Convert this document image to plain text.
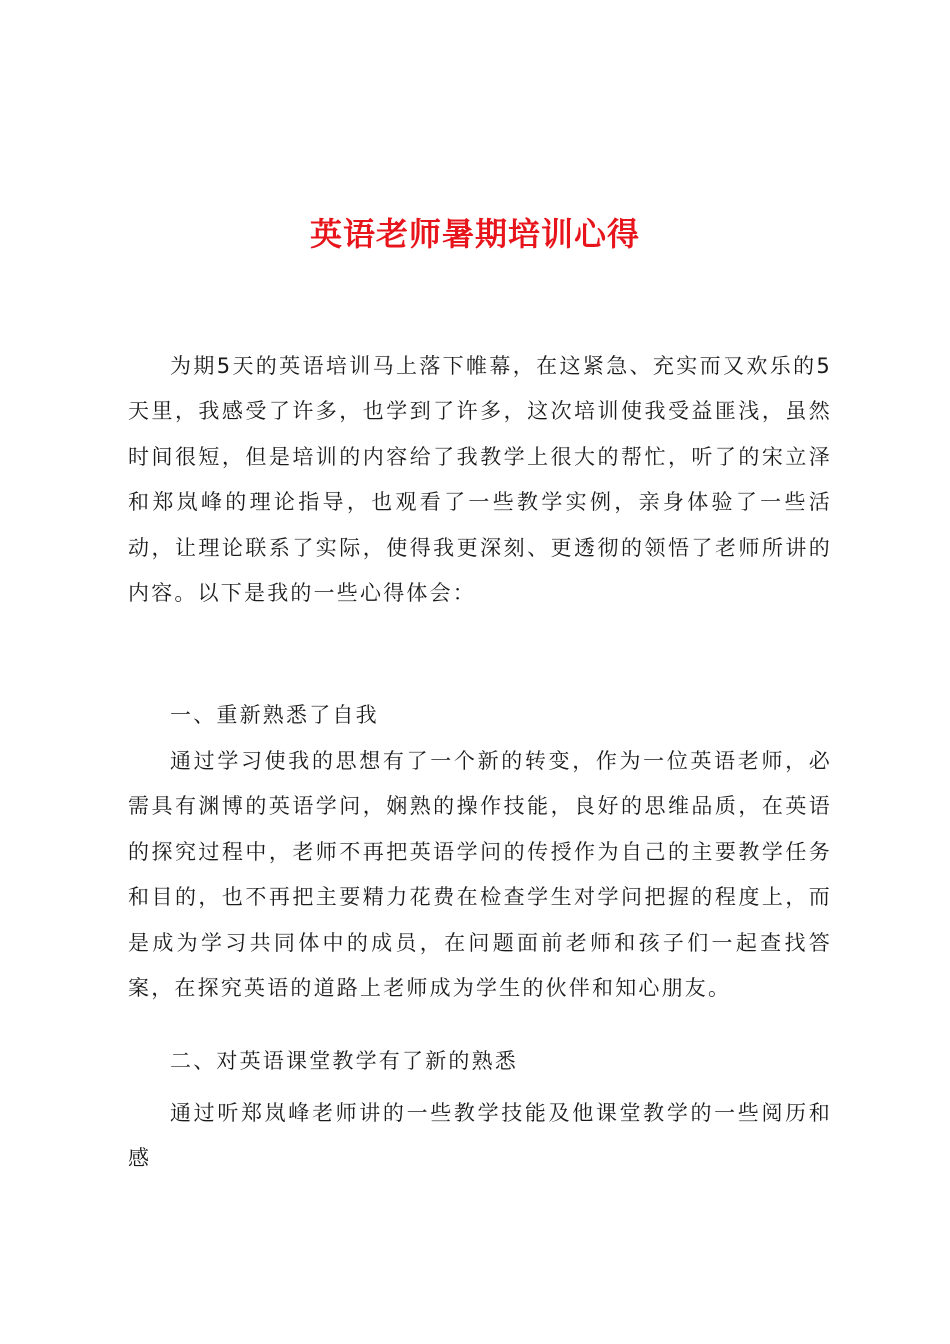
英语老师暑期培训心得

为期5天的英语培训马上落下帷幕，在这紧急、充实而又欢乐的5天里，我感受了许多，也学到了许多，这次培训使我受益匪浅，虽然时间很短，但是培训的内容给了我教学上很大的帮忙，听了的宋立泽和郑岚峰的理论指导，也观看了一些教学实例，亲身体验了一些活动，让理论联系了实际，使得我更深刻、更透彻的领悟了老师所讲的内容。以下是我的一些心得体会：

一、重新熟悉了自我

通过学习使我的思想有了一个新的转变，作为一位英语老师，必需具有渊博的英语学问，娴熟的操作技能，良好的思维品质，在英语的探究过程中，老师不再把英语学问的传授作为自己的主要教学任务和目的，也不再把主要精力花费在检查学生对学问把握的程度上，而是成为学习共同体中的成员，在问题面前老师和孩子们一起查找答案，在探究英语的道路上老师成为学生的伙伴和知心朋友。

二、对英语课堂教学有了新的熟悉

通过听郑岚峰老师讲的一些教学技能及他课堂教学的一些阅历和感
